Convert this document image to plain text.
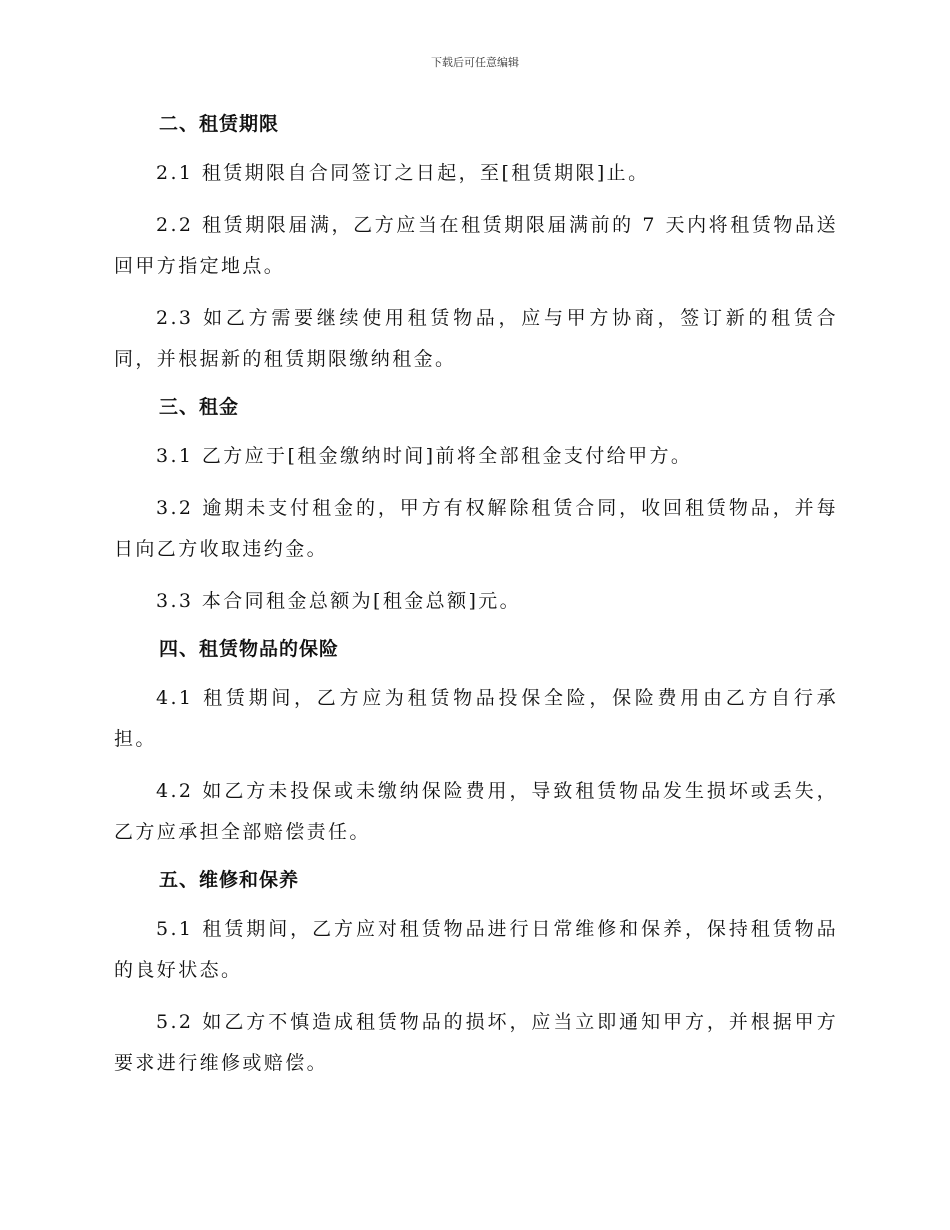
下载后可任意编辑
二、租赁期限

2.1 租赁期限自合同签订之日起，至[租赁期限]止。

2.2 租赁期限届满，乙方应当在租赁期限届满前的 7 天内将租赁物品送回甲方指定地点。

2.3 如乙方需要继续使用租赁物品，应与甲方协商，签订新的租赁合同，并根据新的租赁期限缴纳租金。

三、租金

3.1 乙方应于[租金缴纳时间]前将全部租金支付给甲方。

3.2 逾期未支付租金的，甲方有权解除租赁合同，收回租赁物品，并每日向乙方收取违约金。

3.3 本合同租金总额为[租金总额]元。

四、租赁物品的保险

4.1 租赁期间，乙方应为租赁物品投保全险，保险费用由乙方自行承担。

4.2 如乙方未投保或未缴纳保险费用，导致租赁物品发生损坏或丢失，乙方应承担全部赔偿责任。

五、维修和保养

5.1 租赁期间，乙方应对租赁物品进行日常维修和保养，保持租赁物品的良好状态。

5.2 如乙方不慎造成租赁物品的损坏，应当立即通知甲方，并根据甲方要求进行维修或赔偿。
